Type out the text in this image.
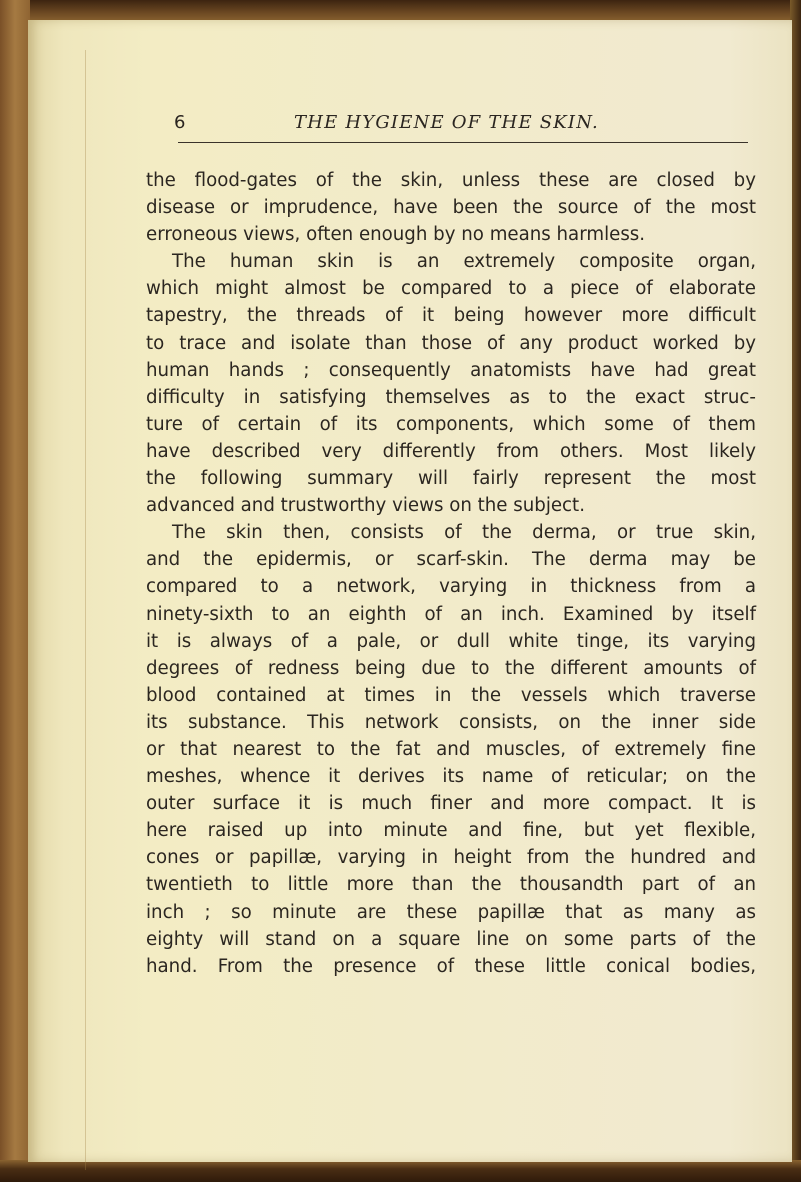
6	THE HYGIENE OF THE SKIN.
the flood-gates of the skin, unless these are closed by
disease or imprudence, have been the source of the most
erroneous views, often enough by no means harmless.
The human skin is an extremely composite organ,
which might almost be compared to a piece of elaborate
tapestry, the threads of it being however more difficult
to trace and isolate than those of any product worked by
human hands ; consequently anatomists have had great
difficulty in satisfying themselves as to the exact struc-
ture of certain of its components, which some of them
have described very differently from others. Most likely
the following summary will fairly represent the most
advanced and trustworthy views on the subject.
The skin then, consists of the derma, or true skin,
and the epidermis, or scarf-skin. The derma may be
compared to a network, varying in thickness from a
ninety-sixth to an eighth of an inch. Examined by itself
it is always of a pale, or dull white tinge, its varying
degrees of redness being due to the different amounts of
blood contained at times in the vessels which traverse
its substance. This network consists, on the inner side
or that nearest to the fat and muscles, of extremely fine
meshes, whence it derives its name of reticular; on the
outer surface it is much finer and more compact. It is
here raised up into minute and fine, but yet flexible,
cones or papillæ, varying in height from the hundred and
twentieth to little more than the thousandth part of an
inch ; so minute are these papillæ that as many as
eighty will stand on a square line on some parts of the
hand. From the presence of these little conical bodies,
